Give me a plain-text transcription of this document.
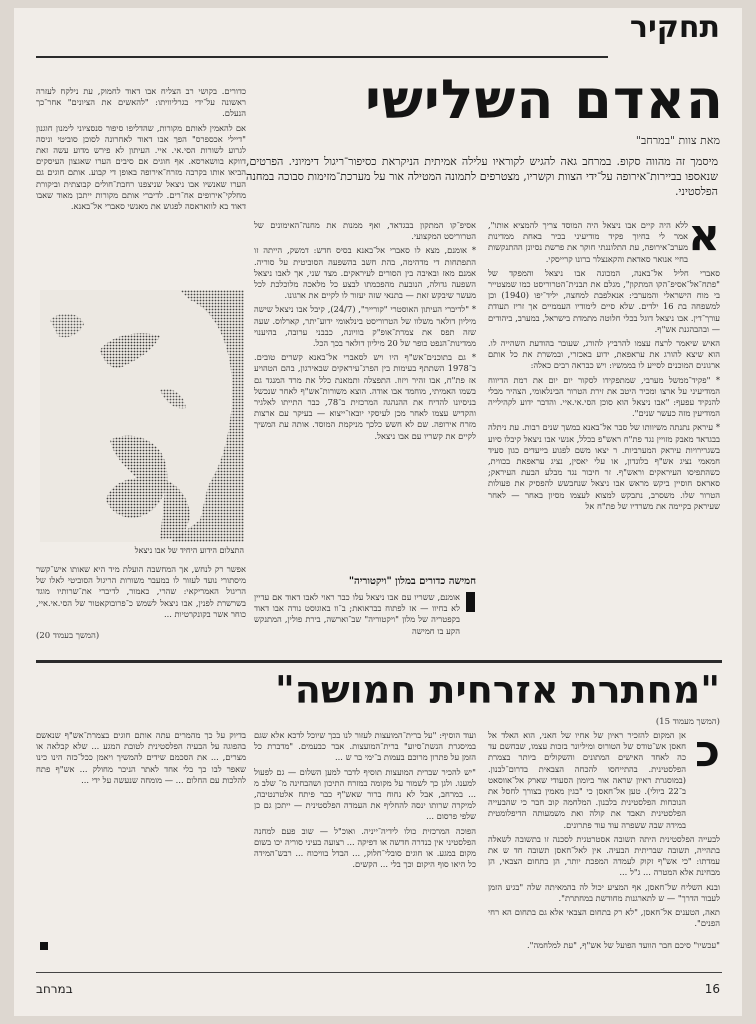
תחקיר
האדם השלישי
מאת צוות "במרחב"
מיסמך זה מהווה סקופ. במרחב גאה להגיש לקוראיו עלילה אמיתית הניקראת כסיפור־ריגול דימיוני. הפרטים, שנאספו בביירות־אירופה על־ידי הצוות וקשריו, מצטרפים לתמונה המטילה אור על מערכת־מזימות סבוכה במחנה הפלסטיני.
א

ללא היה קיים אבו ניצאל היה המוסד צריך להמציא אותו", אמר לי בחיוך פקיד מודיעיני בכיר באחת ממדינות מערב־אירופה, עת התלוננתי חוקר את פרשת נסיונן ההתנקשות בחיי אנואר סאדאת והקאנצלר ברונו קרייסקי.

סאברי חליל אל־באנה, המכונה אבו ניצאל והמפקד של "פתח־אל־אסיפ־הקו המתקון", מגלם את תבנית־הטרוריסט כמו שמצטייר בי מוח הישראלי והמערבי: אנאלפבת למחצה, יליד־יפו (1940) וכן למשפחה בת 16 ילדים. שלא סיים לימודיו העממיים אך זריז תעודת עורך־דין. אבו ניצאל דוגל בכלי חלוטה מתמדת בישראל, במערב, ביהודים — ובהבהגנת אש"ף.

האיש שיאמר לרצח עצמו להרביץ להורג, שעובר בהודעת השהייה לו. הוא שיצא להורג את עראפאת, ידוע באכזרי, ובמשרת את כל אותם ארגונים המוכנים לסייע לו בממשיו: ויש כבראה רבים כאלה:

* "פקיד־ממשל מערבי, שמתפקידו לסקור יום יום את רמת הדיווח המודיעיני על ארצו ומכיר היטב את זירת הטרור הבינלאומי, הצהיר מבלי להנקיד עפעף: "אבו ניצאל הוא סוכן הסי.אי.איי. והדבר ידוע לקהילייה המודיעין מזה כעשר שנים".

* עיראק נתנתה משיוותו של סבר אל־באנא במשך שנים רבות. עת ניתלה בבגדאד מאבק מזויין נגד פת"ח ראש"פ בכלל, אנשי אבו ניצאל קיבלו סיוע בשגרירויות עיראק המערביות. ר יצאו משם לפגוע בייעדים כגון סעיד חמאמי נציג אש"ף בלונדון, או עלי יאסין, נציג עראפאת בכווית, כשהתפיסו העיראקים וראש"ף. זר חיבור נגד מבלע הבעת העיראק; סאראס חוסיין ביקש מראש אבו ניצאל שנחבשש להפסיק את פעולות הטרור שלו. משסרב, נתבקש למצוא לעצמו מסיון באחר — לאחר שעיראק בקיימה את משרדיו של פת"ח אל

אסיפ־קו המתקון בבגדאד, ואף ממנות את מחנה־האימונים של הטרוריסט המקצועי.

* אומנם, מצא לו סאברי אל־באנא בסיס חדש: דמשק, הייתה זו התפתחות די מדהימה, בהת חשב בהשפעה הסוביטית על סוריה. אמנם מאז ובאיבה בין הסורים לעיראקים. מצד שני, אך לאבו ניצאל השפעה גדולה, הנובעת מהפכמתו לבצע כל מלאכה מלוכלכת לכל מעשר שיבקש זאת — בתנאי שזה יעזור לו לקיים את ארגונו.

* "לדיברי העיתון האוסטרי "קורייר", (24/7), קיבל אבו ניצאל שישה מיליון דולאר משלוו של הטרוריסט בינלאומי ידוע־יתר, קארלוס. שעה שזה תפס את צמרת־אופ"ק בוויונה, כבבני ערובה, בהיענוי ממדינות־הנפט כופר של 20 מיליון דולאר בכך הכל.

* גם בתוכנים־אש"ף היו ויש לסאברי אל־באנא קשרים טובים. ב־1978 השתתף בעימות בין הפרג־עיראקים שבאירגון, בהם הטהויע אז פת"ח, אבו זהיר ויזוז. התפצלה ותמאנת כלל את מרד המנגד גם בשמו האמיתי, מוחמד אבו אודה. הוצא משורות־אש"ף לאחר שנכשל בניסיונו להדיח את ההנהגה המרכזית ב־78, כבר התייתו לאלגיר והקדיש עצמו לאחר מכן לעיסקי יובאו־ייצוא — בעיקר עם ארצות מזרח אירופה. שם לא חשש כלכך מניקמת המוסד. אותה עת המשיך לקיים את קשריו עם אבו ניצאל.

חמישה כדורים במלון "ויקטוריה"
אומנם, ששריו עם אבו ניצאל עלו כבר ראוי לאבו דאוד אם עדיין לא בחיוו — אז לפתוח בבראואת; ב־וו באוגוסט נורה אבו דאוד בקפטריה של מלון "ויקטוריה" שב־וארשה, בירת פולין, המתנקש הקע בו חמישה

כדורים. בקושי רב הצליח אבו דאוד לחמוק, עת נילקח לעזרה ראשונה על־ידי בגרליוויתו: "להאשים את הציונים" אחר־כך הנעלם.

אם להאמין לאותם מקורות, שהדליפו סיפור סנסציוני לימנון חוגנון "דיילי אכספרס" הפך אבו דאוד לאחרונה לסוכן סוביטי וניסה לגרוע לשורות הסי.אי. איי. העיתון לא פירש מדוע עשה זאת דווקא בוושארסא. אף חוגים אם סיבים הערו שאגצון העיסקים הביאו אותו בקרבה מזרח־אירופה באופן די קבוע. אותם חוגים גם הערו שאנשיו אבו ניצאל שניצפנו רחבת־חולים קבוצתית וביקורת מחלקי־אירופים אח־רים. לדיברי אותם מקורות ייתכן מאוד שאבו דאוד בא לוואראסה לפגוש את מאנשי סאברי אל־באנא.

התצלום הידוע היחיד של אבו ניצאל
אפשר רק לנחש, אך המחשבה הועלת מיד היא שאותו איש־קשר מיסתורי נועד לעזור לו במעבר משורות הריגול הסוביטי לאלו של הריגול האמריקאי: שהרי, כאמור, לדיברי את־שרותיו מוגד בשרשרת לפנין, אבו ניצאל לשמש כ־פרובוקאטור של הסי.אי.איי, כוחר אשר בקונקרטיות ...
(המשך בעמוד 20)
"מחתרת אזרחית חמושה"
(המשך מעמוד 15)
כ

אן המקום להזכיר ראיון של אחיו של חאני, הוא האלד אל חאסן אש־טודס של הטורוס ומיליונר בזכות עצמו, שבחשם עד כה לאחד האישים המתונים והשקולים ביותר בצמרת הפלסטינית. בהתייחסו להכחה הצבאית בדרום־לבנון. (במוסגרת ראיון שראה אור ביומון הסעודי שארק אל־אווסאט ב־22 ביולי). טען אל־חאסן כי "בגין מאמין בצורך לחסל את הנוכחות הפלסטינית בלבנון. המלחמה קוב חבר כי שהבעייה הפלסטינית תאבד את קולה ואת משמעותה הדיפלומטית במידה שבה ששפרה עוד עוד פתרונים.

לבעייה הפלסטינית היתה תשובה אסטרטגית לסכנה זו בתשובה לשאלה בתהייה, תשובה שבריתית הבעיה. אין לאל־חאסן תשובה חד ש את עמדתו: "כי אש"ף זקוק לעמדה המפכת יותר, הן בתחום הצבאי, הן מבחינת אלא המטרה ... ג"ל ...

ובנא השליח של־חאסן, אף המציע יכול לה בהמאיתה שלה "בגיע הזמן לעבור הדרך" — ש לתארגנות מחודשת במחתרת".

תאה, הטענים אל־חאסן, "לא רק בתחום הצבאי אלא גם בתחום הא רחי הפנים".

ועוד הוסיף: "על ברית־המועצות לעזור לנו בכך שיוכל לדכא אלא שגם במיסגרת הנשת־סיוע" ברית־המועצות. אבר כבעמים. "מדברת כל הזמן על פתרון מרוכם בעמות ב־ימי בר ש ...

"יש להכיר שברית המועצות תוסיף לדבר למען השלום — גם לפעול למענו. ולגן כך לשמור על מקומה במזרח התיכון ושהבחינה מ־ שלב מ ... במרחב, אבל לא נחוח ברור שאש"ף כבר פיתח אלטרנטיבה, למיקרה שרותו ינסה להחליף את העמדה הפלסטינית — ייתכן גם כן שלפי פרסום ...

הפוכה המרכזית כולו לידיה־ייניה. ואוכ"ל — שוב פעם למחנה הפלסטיני אין כנדרה חדשה או דפיקה ... רצועה בעיני סוריה יכו בשום מקום במגע. או חוגים סובלי־חלוק, ... הבדל בוויכוח ... רבש־המידה כל היאו סוף היקום וכך בלי ... הקשים.

בדיוק על כך מהמרים עתה אותם חוגים בצמרת־אש"ף שנאשם בהפוגה על הבעיה הפלסטינית לטובת המגע ... שלא קבלאה או מצרים, ... את הסכמם שידים להמשיך ויאמן ככל־כזה הינו כינו שאפר לבו כך בלי אחד לאתר הניכר מחולק ... אש"ף פתח להלכות עם החלום ... — מומחה שנעשה על ידי ...

"עכשיו" סיכם חבר הוועד הפועל של אש"ף, "עת למלחמה".
16
במרחב
